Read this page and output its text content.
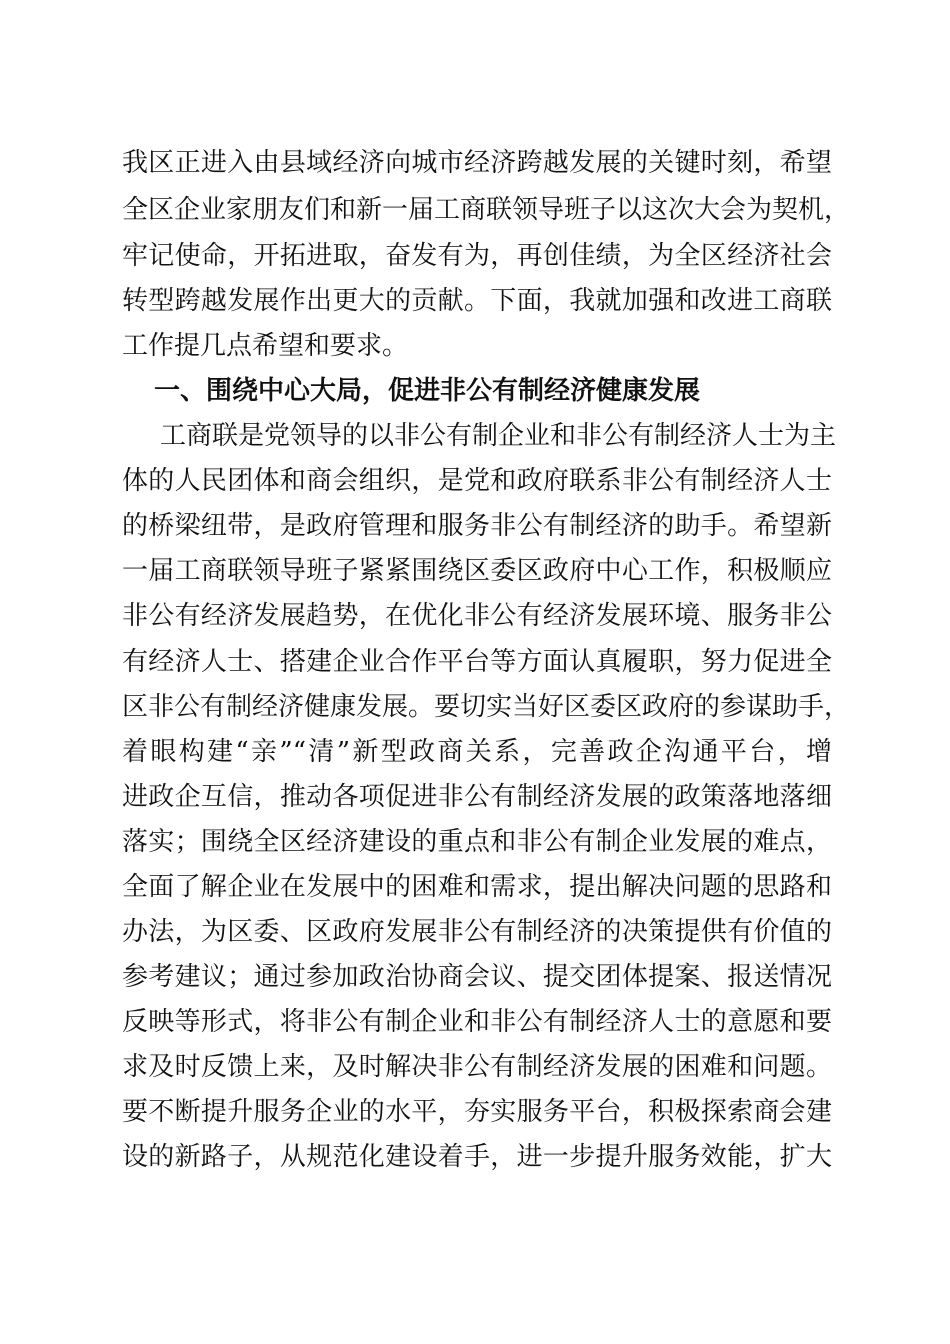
我区正进入由县域经济向城市经济跨越发展的关键时刻，希望
全区企业家朋友们和新一届工商联领导班子以这次大会为契机，
牢记使命，开拓进取，奋发有为，再创佳绩，为全区经济社会
转型跨越发展作出更大的贡献。下面，我就加强和改进工商联
工作提几点希望和要求。
一、围绕中心大局，促进非公有制经济健康发展
工商联是党领导的以非公有制企业和非公有制经济人士为主
体的人民团体和商会组织，是党和政府联系非公有制经济人士
的桥梁纽带，是政府管理和服务非公有制经济的助手。希望新
一届工商联领导班子紧紧围绕区委区政府中心工作，积极顺应
非公有经济发展趋势，在优化非公有经济发展环境、服务非公
有经济人士、搭建企业合作平台等方面认真履职，努力促进全
区非公有制经济健康发展。要切实当好区委区政府的参谋助手，
着眼构建“亲”“清”新型政商关系，完善政企沟通平台，增
进政企互信，推动各项促进非公有制经济发展的政策落地落细
落实；围绕全区经济建设的重点和非公有制企业发展的难点，
全面了解企业在发展中的困难和需求，提出解决问题的思路和
办法，为区委、区政府发展非公有制经济的决策提供有价值的
参考建议；通过参加政治协商会议、提交团体提案、报送情况
反映等形式，将非公有制企业和非公有制经济人士的意愿和要
求及时反馈上来，及时解决非公有制经济发展的困难和问题。
要不断提升服务企业的水平，夯实服务平台，积极探索商会建
设的新路子，从规范化建设着手，进一步提升服务效能，扩大
